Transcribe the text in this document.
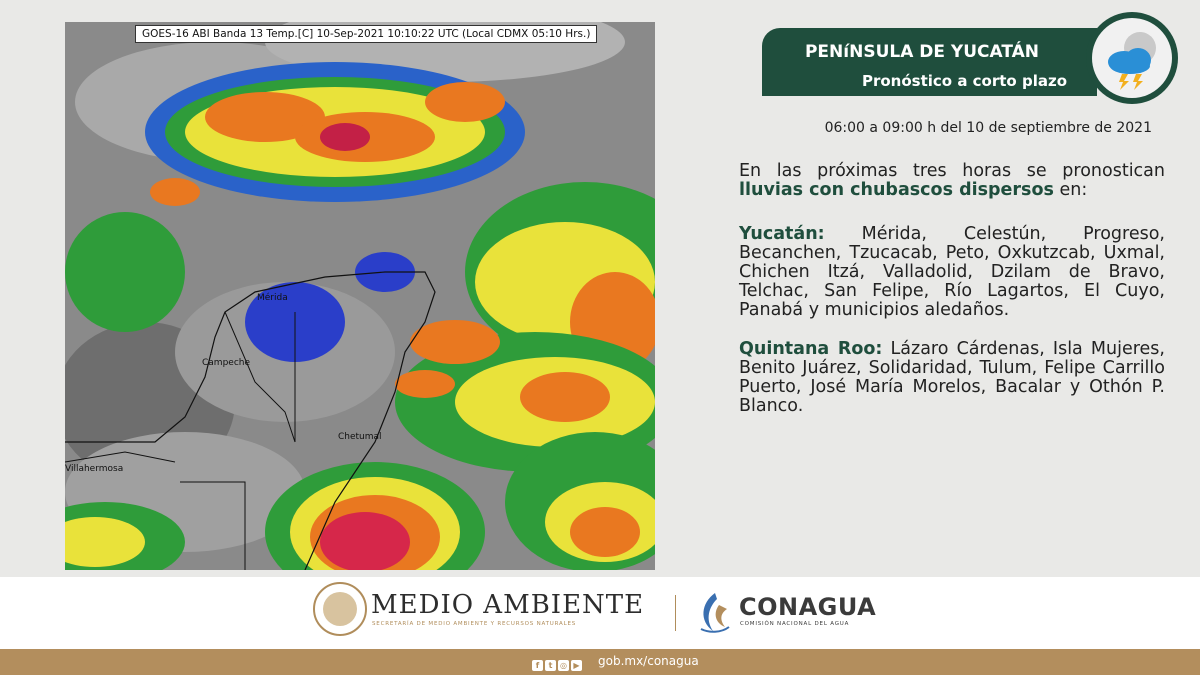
Mérida
Campeche
Chetumal
Villahermosa
GOES-16 ABI Banda 13 Temp.[C] 10-Sep-2021 10:10:22 UTC (Local CDMX 05:10 Hrs.)
PENíNSULA DE YUCATÁN
Pronóstico a corto plazo
06:00 a 09:00 h del 10 de septiembre de 2021
En las próximas tres horas se pronostican lluvias con chubascos dispersos en:
Yucatán: Mérida, Celestún, Progreso, Becanchen, Tzucacab, Peto, Oxkutzcab, Uxmal, Chichen Itzá, Valladolid, Dzilam de Bravo, Telchac, San Felipe, Río Lagartos, El Cuyo, Panabá y municipios aledaños.
Quintana Roo: Lázaro Cárdenas, Isla Mujeres, Benito Juárez, Solidaridad, Tulum, Felipe Carrillo Puerto, José María Morelos, Bacalar y Othón P. Blanco.
MEDIO AMBIENTE
SECRETARÍA DE MEDIO AMBIENTE Y RECURSOS NATURALES
CONAGUA
COMISIÓN NACIONAL DEL AGUA
f t ◎ ▶	gob.mx/conagua
